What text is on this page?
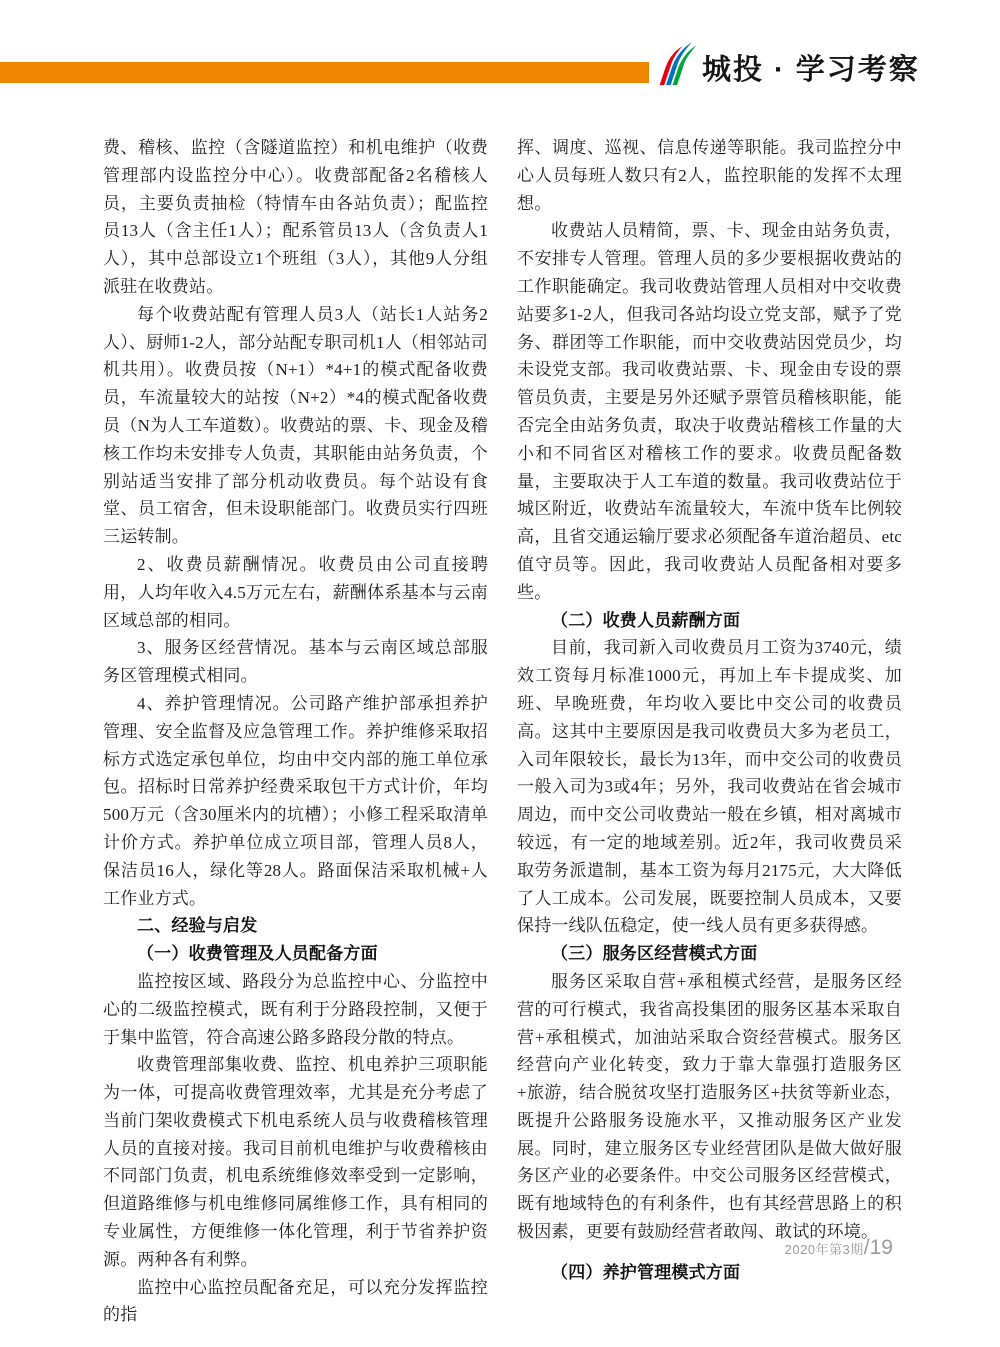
城投 · 学习考察

费、稽核、监控（含隧道监控）和机电维护（收费管理部内设监控分中心）。收费部配备2名稽核人员，主要负责抽检（特情车由各站负责）；配监控员13人（含主任1人）；配系管员13人（含负责人1人），其中总部设立1个班组（3人），其他9人分组派驻在收费站。

每个收费站配有管理人员3人（站长1人站务2人）、厨师1-2人，部分站配专职司机1人（相邻站司机共用）。收费员按（N+1）*4+1的模式配备收费员，车流量较大的站按（N+2）*4的模式配备收费员（N为人工车道数）。收费站的票、卡、现金及稽核工作均未安排专人负责，其职能由站务负责，个别站适当安排了部分机动收费员。每个站设有食堂、员工宿舍，但未设职能部门。收费员实行四班三运转制。

2、收费员薪酬情况。收费员由公司直接聘用，人均年收入4.5万元左右，薪酬体系基本与云南区域总部的相同。

3、服务区经营情况。基本与云南区域总部服务区管理模式相同。

4、养护管理情况。公司路产维护部承担养护管理、安全监督及应急管理工作。养护维修采取招标方式选定承包单位，均由中交内部的施工单位承包。招标时日常养护经费采取包干方式计价，年均500万元（含30厘米内的坑槽）；小修工程采取清单计价方式。养护单位成立项目部，管理人员8人，保洁员16人，绿化等28人。路面保洁采取机械+人工作业方式。

二、经验与启发

（一）收费管理及人员配备方面

监控按区域、路段分为总监控中心、分监控中心的二级监控模式，既有利于分路段控制，又便于于集中监管，符合高速公路多路段分散的特点。

收费管理部集收费、监控、机电养护三项职能为一体，可提高收费管理效率，尤其是充分考虑了当前门架收费模式下机电系统人员与收费稽核管理人员的直接对接。我司目前机电维护与收费稽核由不同部门负责，机电系统维修效率受到一定影响，但道路维修与机电维修同属维修工作，具有相同的专业属性，方便维修一体化管理，利于节省养护资源。两种各有利弊。

监控中心监控员配备充足，可以充分发挥监控的指

挥、调度、巡视、信息传递等职能。我司监控分中心人员每班人数只有2人，监控职能的发挥不太理想。

收费站人员精简，票、卡、现金由站务负责，不安排专人管理。管理人员的多少要根据收费站的工作职能确定。我司收费站管理人员相对中交收费站要多1-2人，但我司各站均设立党支部，赋予了党务、群团等工作职能，而中交收费站因党员少，均未设党支部。我司收费站票、卡、现金由专设的票管员负责，主要是另外还赋予票管员稽核职能，能否完全由站务负责，取决于收费站稽核工作量的大小和不同省区对稽核工作的要求。收费员配备数量，主要取决于人工车道的数量。我司收费站位于城区附近，收费站车流量较大，车流中货车比例较高，且省交通运输厅要求必须配备车道治超员、etc值守员等。因此，我司收费站人员配备相对要多些。

（二）收费人员薪酬方面

目前，我司新入司收费员月工资为3740元，绩效工资每月标准1000元，再加上车卡提成奖、加班、早晚班费，年均收入要比中交公司的收费员高。这其中主要原因是我司收费员大多为老员工，入司年限较长，最长为13年，而中交公司的收费员一般入司为3或4年；另外，我司收费站在省会城市周边，而中交公司收费站一般在乡镇，相对离城市较远，有一定的地域差别。近2年，我司收费员采取劳务派遣制，基本工资为每月2175元，大大降低了人工成本。公司发展，既要控制人员成本，又要保持一线队伍稳定，使一线人员有更多获得感。

（三）服务区经营模式方面

服务区采取自营+承租模式经营，是服务区经营的可行模式，我省高投集团的服务区基本采取自营+承租模式，加油站采取合资经营模式。服务区经营向产业化转变，致力于靠大靠强打造服务区+旅游，结合脱贫攻坚打造服务区+扶贫等新业态，既提升公路服务设施水平，又推动服务区产业发展。同时，建立服务区专业经营团队是做大做好服务区产业的必要条件。中交公司服务区经营模式，既有地域特色的有利条件，也有其经营思路上的积极因素，更要有鼓励经营者敢闯、敢试的环境。

（四）养护管理模式方面

2020年第3期/19
